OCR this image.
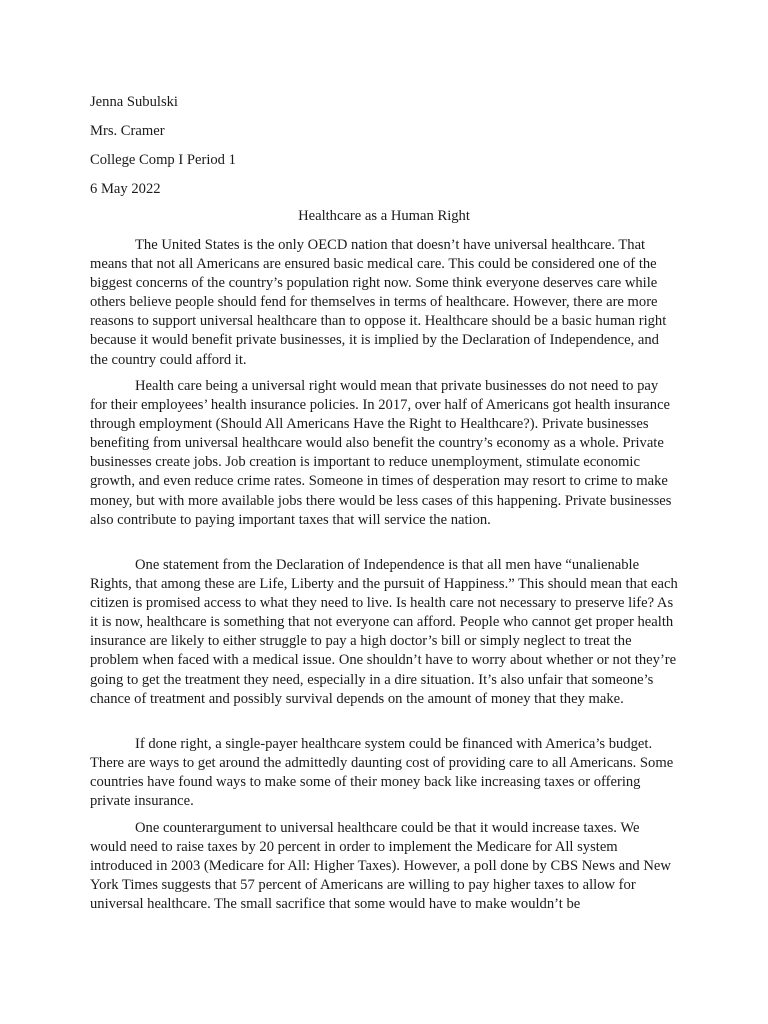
Jenna Subulski
Mrs. Cramer
College Comp I Period 1
6 May 2022
Healthcare as a Human Right

The United States is the only OECD nation that doesn’t have universal healthcare. That means that not all Americans are ensured basic medical care. This could be considered one of the biggest concerns of the country’s population right now. Some think everyone deserves care while others believe people should fend for themselves in terms of healthcare. However, there are more reasons to support universal healthcare than to oppose it. Healthcare should be a basic human right because it would benefit private businesses, it is implied by the Declaration of Independence, and the country could afford it.

Health care being a universal right would mean that private businesses do not need to pay for their employees’ health insurance policies. In 2017, over half of Americans got health insurance through employment (Should All Americans Have the Right to Healthcare?). Private businesses benefiting from universal healthcare would also benefit the country’s economy as a whole. Private businesses create jobs. Job creation is important to reduce unemployment, stimulate economic growth, and even reduce crime rates. Someone in times of desperation may resort to crime to make money, but with more available jobs there would be less cases of this happening. Private businesses also contribute to paying important taxes that will service the nation.

One statement from the Declaration of Independence is that all men have “unalienable Rights, that among these are Life, Liberty and the pursuit of Happiness.” This should mean that each citizen is promised access to what they need to live. Is health care not necessary to preserve life? As it is now, healthcare is something that not everyone can afford. People who cannot get proper health insurance are likely to either struggle to pay a high doctor’s bill or simply neglect to treat the problem when faced with a medical issue. One shouldn’t have to worry about whether or not they’re going to get the treatment they need, especially in a dire situation. It’s also unfair that someone’s chance of treatment and possibly survival depends on the amount of money that they make.

If done right, a single-payer healthcare system could be financed with America’s budget. There are ways to get around the admittedly daunting cost of providing care to all Americans. Some countries have found ways to make some of their money back like increasing taxes or offering private insurance.

One counterargument to universal healthcare could be that it would increase taxes. We would need to raise taxes by 20 percent in order to implement the Medicare for All system introduced in 2003 (Medicare for All: Higher Taxes). However, a poll done by CBS News and New York Times suggests that 57 percent of Americans are willing to pay higher taxes to allow for universal healthcare. The small sacrifice that some would have to make wouldn’t be
